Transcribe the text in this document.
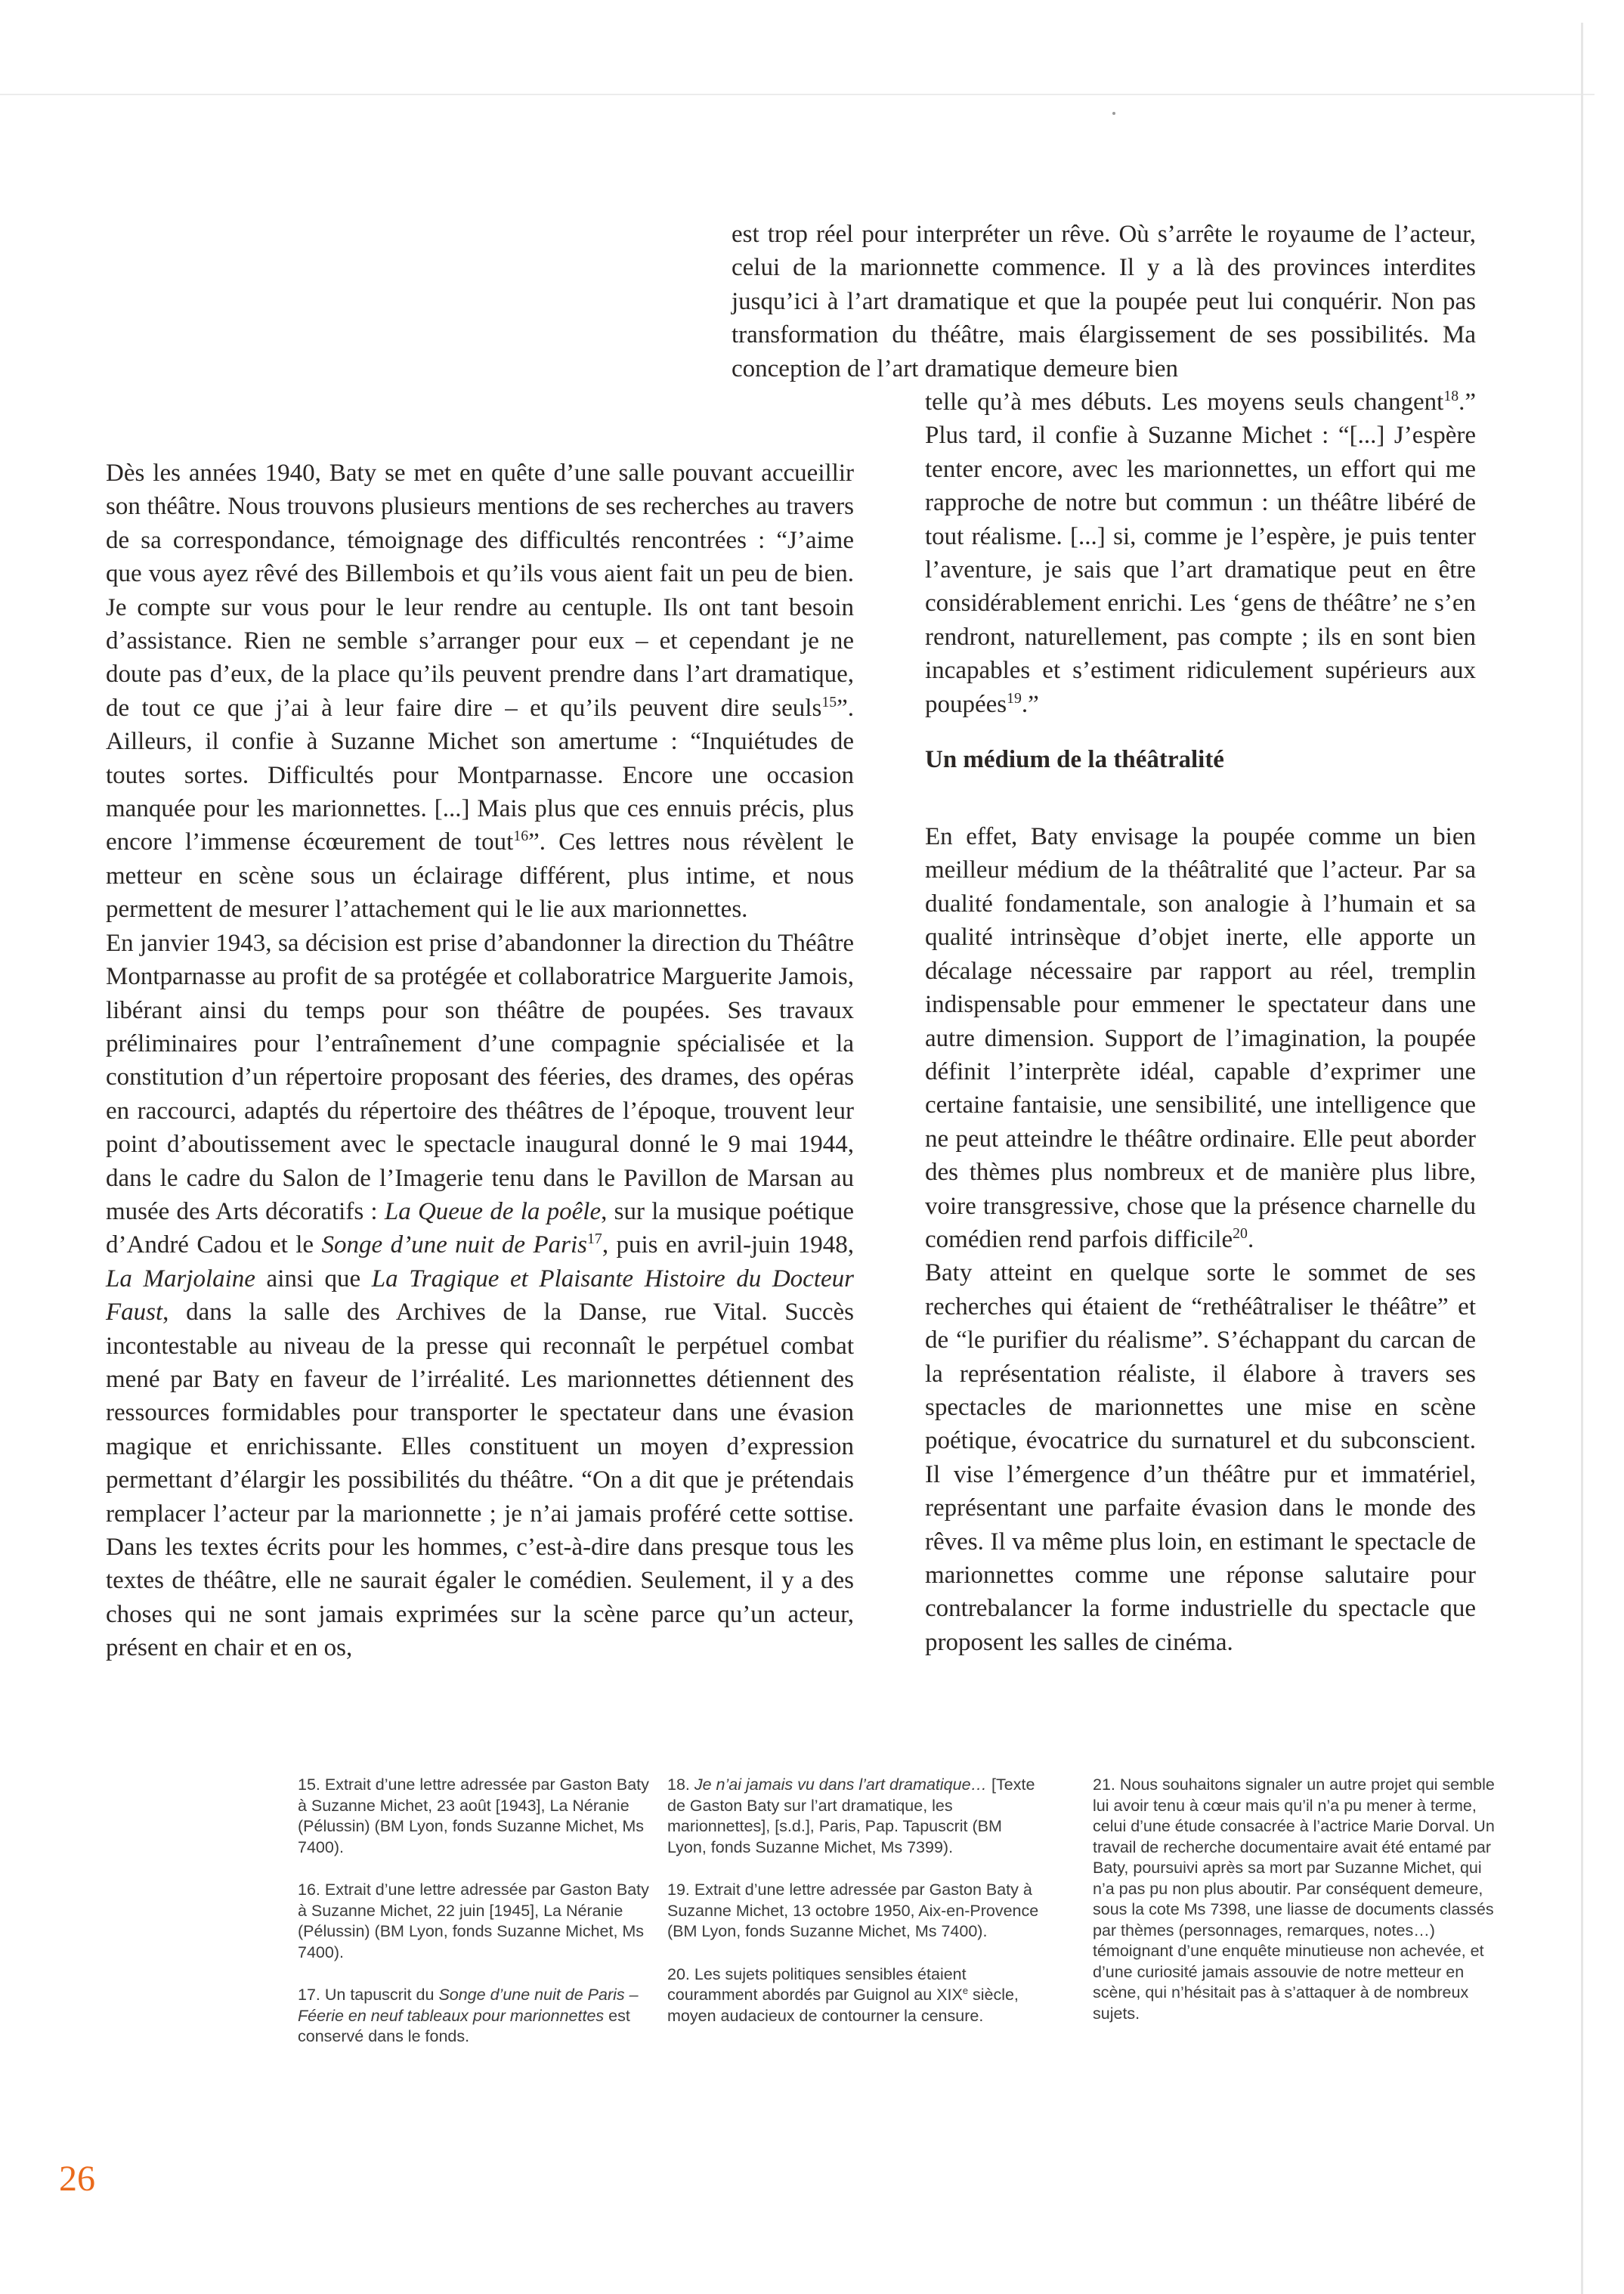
est trop réel pour interpréter un rêve. Où s’arrête le royaume de l’acteur, celui de la marionnette commence. Il y a là des provinces interdites jusqu’ici à l’art dramatique et que la poupée peut lui conquérir. Non pas transformation du théâtre, mais élargissement de ses possibilités. Ma conception de l’art dramatique demeure bien

Dès les années 1940, Baty se met en quête d’une salle pouvant accueillir son théâtre. Nous trouvons plusieurs mentions de ses recherches au travers de sa correspondance, témoignage des difficultés rencontrées : “J’aime que vous ayez rêvé des Billembois et qu’ils vous aient fait un peu de bien. Je compte sur vous pour le leur rendre au centuple. Ils ont tant besoin d’assistance. Rien ne semble s’arranger pour eux – et cependant je ne doute pas d’eux, de la place qu’ils peuvent prendre dans l’art dramatique, de tout ce que j’ai à leur faire dire – et qu’ils peuvent dire seuls$^{15}$”. Ailleurs, il confie à Suzanne Michet son amertume : “Inquiétudes de toutes sortes. Difficultés pour Montparnasse. Encore une occasion manquée pour les marionnettes. [...] Mais plus que ces ennuis précis, plus encore l’immense écœurement de tout$^{16}$”. Ces lettres nous révèlent le metteur en scène sous un éclairage différent, plus intime, et nous permettent de mesurer l’attachement qui le lie aux marionnettes.

En janvier 1943, sa décision est prise d’abandonner la direction du Théâtre Montparnasse au profit de sa protégée et collaboratrice Marguerite Jamois, libérant ainsi du temps pour son théâtre de poupées. Ses travaux préliminaires pour l’entraînement d’une compagnie spécialisée et la constitution d’un répertoire proposant des féeries, des drames, des opéras en raccourci, adaptés du répertoire des théâtres de l’époque, trouvent leur point d’aboutissement avec le spectacle inaugural donné le 9 mai 1944, dans le cadre du Salon de l’Imagerie tenu dans le Pavillon de Marsan au musée des Arts décoratifs : La Queue de la poêle, sur la musique poétique d’André Cadou et le Songe d’une nuit de Paris$^{17}$, puis en avril-juin 1948, La Marjolaine ainsi que La Tragique et Plaisante Histoire du Docteur Faust, dans la salle des Archives de la Danse, rue Vital. Succès incontestable au niveau de la presse qui reconnaît le perpétuel combat mené par Baty en faveur de l’irréalité. Les marionnettes détiennent des ressources formidables pour transporter le spectateur dans une évasion magique et enrichissante. Elles constituent un moyen d’expression permettant d’élargir les possibilités du théâtre. “On a dit que je prétendais remplacer l’acteur par la marionnette ; je n’ai jamais proféré cette sottise. Dans les textes écrits pour les hommes, c’est-à-dire dans presque tous les textes de théâtre, elle ne saurait égaler le comédien. Seulement, il y a des choses qui ne sont jamais exprimées sur la scène parce qu’un acteur, présent en chair et en os,

telle qu’à mes débuts. Les moyens seuls changent$^{18}$.” Plus tard, il confie à Suzanne Michet : “[...] J’espère tenter encore, avec les marionnettes, un effort qui me rapproche de notre but commun : un théâtre libéré de tout réalisme. [...] si, comme je l’espère, je puis tenter l’aventure, je sais que l’art dramatique peut en être considérablement enrichi. Les ‘gens de théâtre’ ne s’en rendront, naturellement, pas compte ; ils en sont bien incapables et s’estiment ridiculement supérieurs aux poupées$^{19}$.”

Un médium de la théâtralité

En effet, Baty envisage la poupée comme un bien meilleur médium de la théâtralité que l’acteur. Par sa dualité fondamentale, son analogie à l’humain et sa qualité intrinsèque d’objet inerte, elle apporte un décalage nécessaire par rapport au réel, tremplin indispensable pour emmener le spectateur dans une autre dimension. Support de l’imagination, la poupée définit l’interprète idéal, capable d’exprimer une certaine fantaisie, une sensibilité, une intelligence que ne peut atteindre le théâtre ordinaire. Elle peut aborder des thèmes plus nombreux et de manière plus libre, voire transgressive, chose que la présence charnelle du comédien rend parfois difficile$^{20}$.

Baty atteint en quelque sorte le sommet de ses recherches qui étaient de “rethéâtraliser le théâtre” et de “le purifier du réalisme”. S’échappant du carcan de la représentation réaliste, il élabore à travers ses spectacles de marionnettes une mise en scène poétique, évocatrice du surnaturel et du subconscient. Il vise l’émergence d’un théâtre pur et immatériel, représentant une parfaite évasion dans le monde des rêves. Il va même plus loin, en estimant le spectacle de marionnettes comme une réponse salutaire pour contrebalancer la forme industrielle du spectacle que proposent les salles de cinéma.

15. Extrait d’une lettre adressée par Gaston Baty à Suzanne Michet, 23 août [1943], La Néranie (Pélussin) (BM Lyon, fonds Suzanne Michet, Ms 7400).

16. Extrait d’une lettre adressée par Gaston Baty à Suzanne Michet, 22 juin [1945], La Néranie (Pélussin) (BM Lyon, fonds Suzanne Michet, Ms 7400).

17. Un tapuscrit du Songe d’une nuit de Paris – Féerie en neuf tableaux pour marionnettes est conservé dans le fonds.

18. Je n’ai jamais vu dans l’art dramatique… [Texte de Gaston Baty sur l’art dramatique, les marionnettes], [s.d.], Paris, Pap. Tapuscrit (BM Lyon, fonds Suzanne Michet, Ms 7399).

19. Extrait d’une lettre adressée par Gaston Baty à Suzanne Michet, 13 octobre 1950, Aix-en-Provence (BM Lyon, fonds Suzanne Michet, Ms 7400).

20. Les sujets politiques sensibles étaient couramment abordés par Guignol au XIXe siècle, moyen audacieux de contourner la censure.

21. Nous souhaitons signaler un autre projet qui semble lui avoir tenu à cœur mais qu’il n’a pu mener à terme, celui d’une étude consacrée à l’actrice Marie Dorval. Un travail de recherche documentaire avait été entamé par Baty, poursuivi après sa mort par Suzanne Michet, qui n’a pas pu non plus aboutir. Par conséquent demeure, sous la cote Ms 7398, une liasse de documents classés par thèmes (personnages, remarques, notes…) témoignant d’une enquête minutieuse non achevée, et d’une curiosité jamais assouvie de notre metteur en scène, qui n’hésitait pas à s’attaquer à de nombreux sujets.

26
